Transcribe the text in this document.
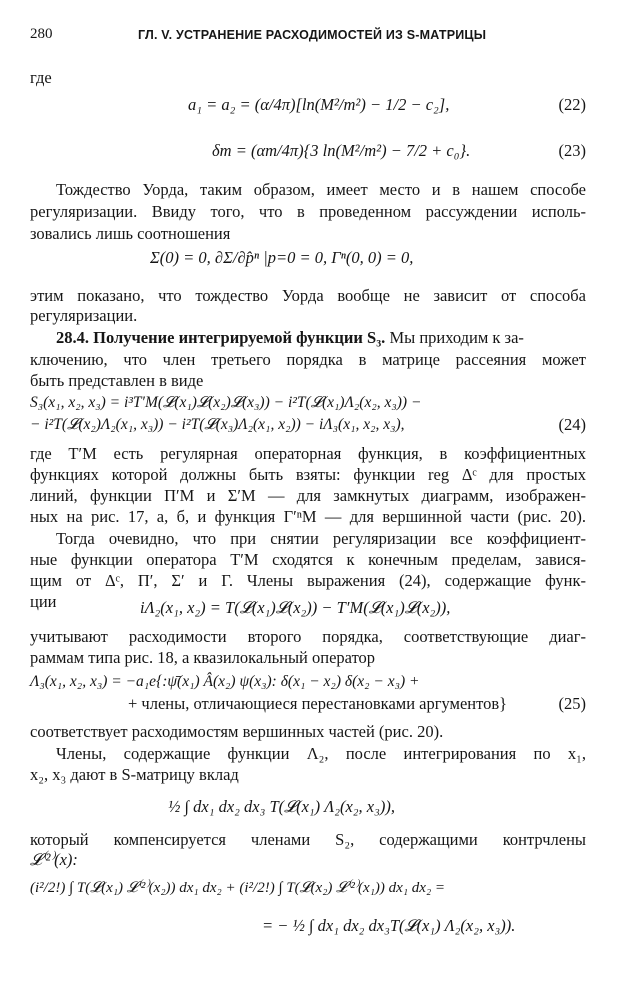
280	ГЛ. V. УСТРАНЕНИЕ РАСХОДИМОСТЕЙ ИЗ S-МАТРИЦЫ
где
a₁ = a₂ = (α/4π)[ln(M²/m²) − 1/2 − c₂],	(22)
δm = (αm/4π){3 ln(M²/m²) − 7/2 + c₀}.	(23)
Тождество Уорда, таким образом, имеет место и в нашем способе
регуляризации. Ввиду того, что в проведенном рассуждении исполь-
зовались лишь соотношения
Σ(0) = 0, ∂Σ/∂p̂ⁿ |p=0 = 0, Γⁿ(0, 0) = 0,
этим показано, что тождество Уорда вообще не зависит от способа
регуляризации.
28.4. Получение интегрируемой функции S₃. Мы приходим к за-
ключению, что член третьего порядка в матрице рассеяния может
быть представлен в виде
S₃(x₁, x₂, x₃) = i³T′M(𝓛(x₁)𝓛(x₂)𝓛(x₃)) − i²T(𝓛(x₁)Λ₂(x₂, x₃)) −
− i²T(𝓛(x₂)Λ₂(x₁, x₃)) − i²T(𝓛(x₃)Λ₂(x₁, x₂)) − iΛ₃(x₁, x₂, x₃),	(24)
где T′M есть регулярная операторная функция, в коэффициентных
функциях которой должны быть взяты: функции reg Δᶜ для простых
линий, функции Π′M и Σ′M — для замкнутых диаграмм, изображен-
ных на рис. 17, а, б, и функция Γ′ⁿM — для вершинной части (рис. 20).
Тогда очевидно, что при снятии регуляризации все коэффициент-
ные функции оператора T′M сходятся к конечным пределам, завися-
щим от Δᶜ, Π′, Σ′ и Γ. Члены выражения (24), содержащие функ-
ции	iΛ₂(x₁, x₂) = T(𝓛(x₁)𝓛(x₂)) − T′M(𝓛(x₁)𝓛(x₂)),
учитывают расходимости второго порядка, соответствующие диаг-
раммам типа рис. 18, а квазилокальный оператор
Λ₃(x₁, x₂, x₃) = −a₁e{:ψ̄(x₁) Â(x₂) ψ(x₃): δ(x₁ − x₂) δ(x₂ − x₃) +
+ члены, отличающиеся перестановками аргументов}	(25)
соответствует расходимостям вершинных частей (рис. 20).
Члены, содержащие функции Λ₂, после интегрирования по x₁,
x₂, x₃ дают в S-матрицу вклад
½ ∫ dx₁ dx₂ dx₃ T(𝓛(x₁) Λ₂(x₂, x₃)),
который компенсируется членами S₂, содержащими контрчлены
𝓛⁽²⁾(x):
(i²/2!) ∫ T(𝓛(x₁) 𝓛⁽²⁾(x₂)) dx₁ dx₂ + (i²/2!) ∫ T(𝓛(x₂) 𝓛⁽²⁾(x₁)) dx₁ dx₂ =
= − ½ ∫ dx₁ dx₂ dx₃T(𝓛(x₁) Λ₂(x₂, x₃)).
